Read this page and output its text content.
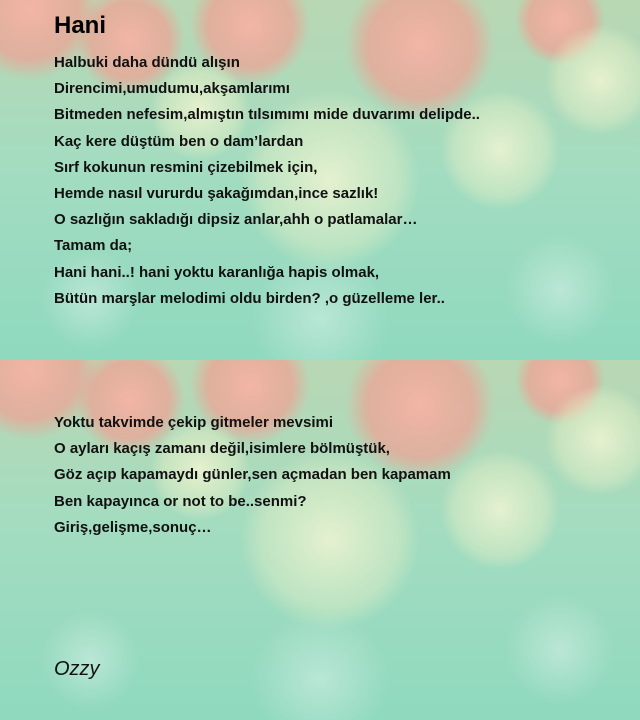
Hani
Halbuki daha dündü alışın
Direncimi,umudumu,akşamlarımı
Bitmeden nefesim,almıştın tılsımımı mide duvarımı delipde..
Kaç kere düştüm ben o dam’lardan
Sırf kokunun resmini çizebilmek için,
Hemde nasıl vururdu şakağımdan,ince sazlık!
O sazlığın sakladığı dipsiz anlar,ahh o patlamalar…
Tamam da;
Hani hani..! hani yoktu karanlığa hapis olmak,
Bütün marşlar melodimi oldu birden? ,o güzelleme ler..
Yoktu takvimde çekip gitmeler mevsimi
O ayları kaçış zamanı değil,isimlere bölmüştük,
Göz açıp kapamaydı günler,sen açmadan ben kapamam
Ben kapayınca or not to be..senmi?
Giriş,gelişme,sonuç…
Ozzy
